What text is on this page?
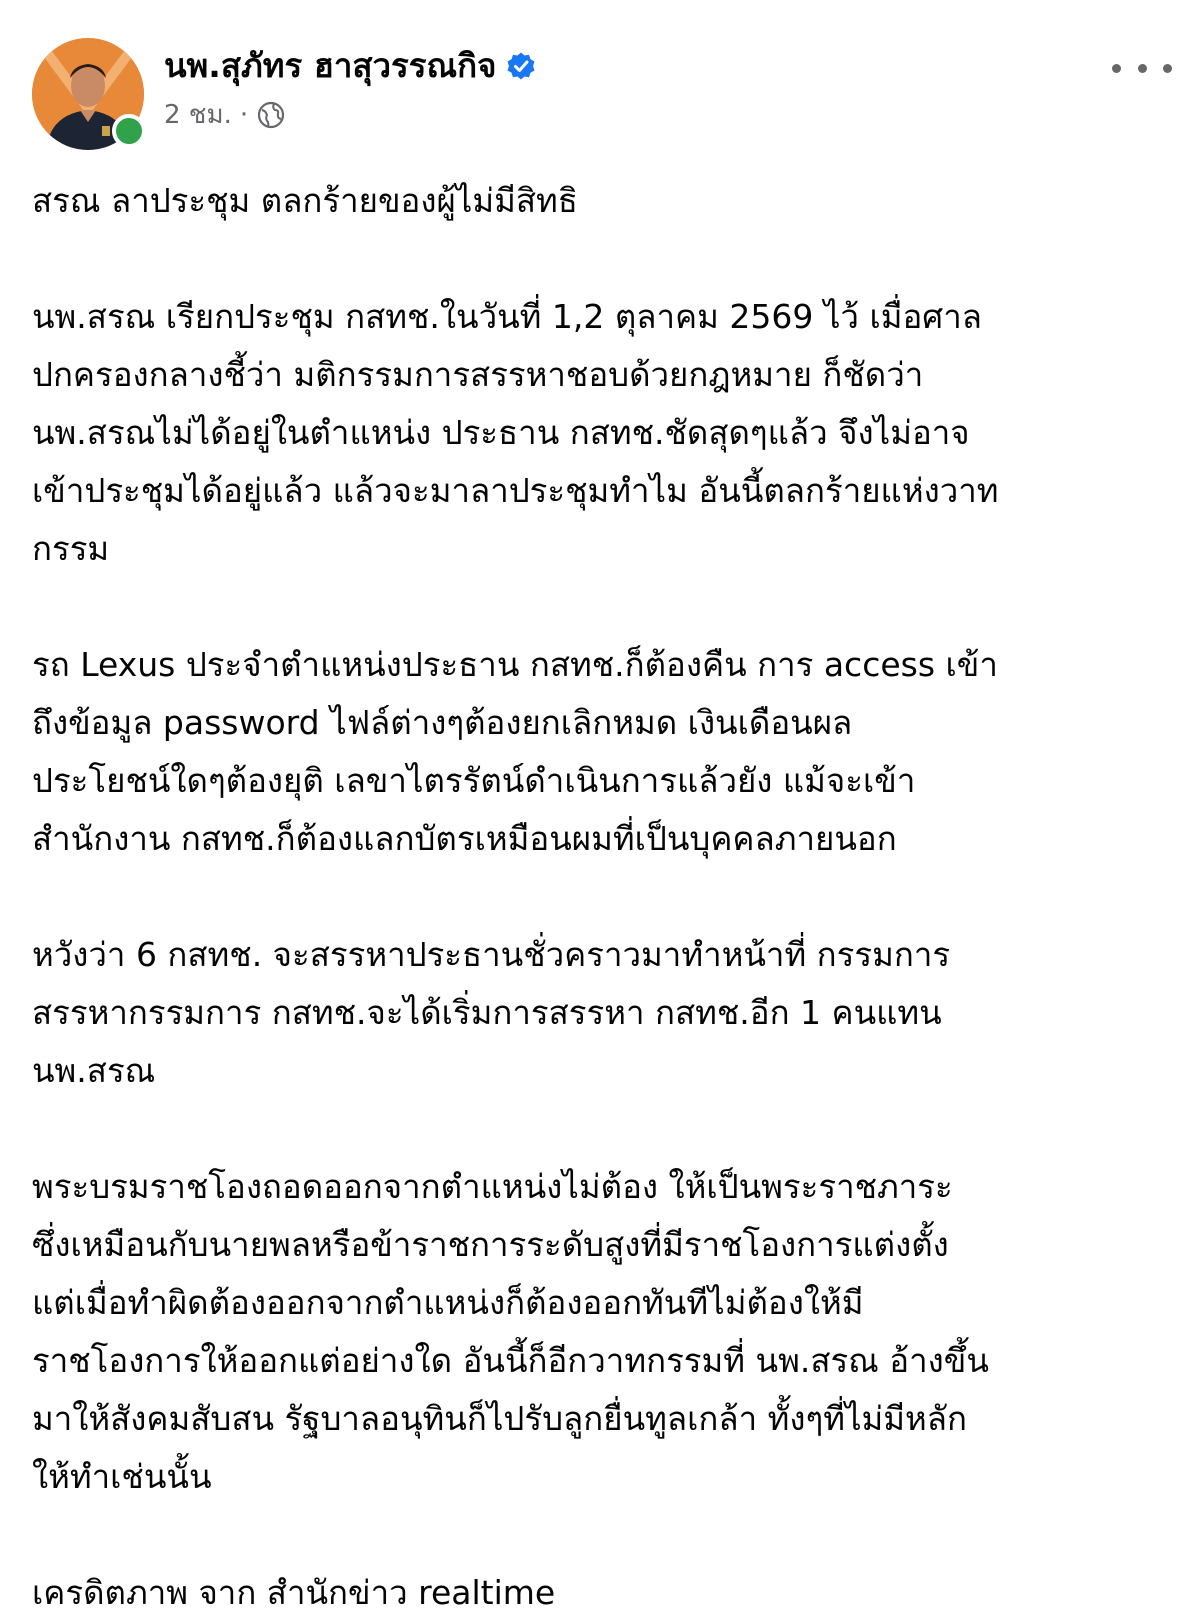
นพ.สุภัทร ฮาสุวรรณกิจ
2 ชม. ·

สรณ ลาประชุม ตลกร้ายของผู้ไม่มีสิทธิ

นพ.สรณ เรียกประชุม กสทช.ในวันที่ 1,2 ตุลาคม 2569 ไว้ เมื่อศาล
ปกครองกลางชี้ว่า มติกรรมการสรรหาชอบด้วยกฎหมาย ก็ชัดว่า
นพ.สรณไม่ได้อยู่ในตำแหน่ง ประธาน กสทช.ชัดสุดๆแล้ว จึงไม่อาจ
เข้าประชุมได้อยู่แล้ว แล้วจะมาลาประชุมทำไม อันนี้ตลกร้ายแห่งวาท
กรรม

รถ Lexus ประจำตำแหน่งประธาน กสทช.ก็ต้องคืน การ access เข้า
ถึงข้อมูล password ไฟล์ต่างๆต้องยกเลิกหมด เงินเดือนผล
ประโยชน์ใดๆต้องยุติ เลขาไตรรัตน์ดำเนินการแล้วยัง แม้จะเข้า
สำนักงาน กสทช.ก็ต้องแลกบัตรเหมือนผมที่เป็นบุคคลภายนอก

หวังว่า 6 กสทช. จะสรรหาประธานชั่วคราวมาทำหน้าที่ กรรมการ
สรรหากรรมการ กสทช.จะได้เริ่มการสรรหา กสทช.อีก 1 คนแทน
นพ.สรณ

พระบรมราชโองถอดออกจากตำแหน่งไม่ต้อง ให้เป็นพระราชภาระ
ซึ่งเหมือนกับนายพลหรือข้าราชการระดับสูงที่มีราชโองการแต่งตั้ง
แต่เมื่อทำผิดต้องออกจากตำแหน่งก็ต้องออกทันทีไม่ต้องให้มี
ราชโองการให้ออกแต่อย่างใด อันนี้ก็อีกวาทกรรมที่ นพ.สรณ อ้างขึ้น
มาให้สังคมสับสน รัฐบาลอนุทินก็ไปรับลูกยื่นทูลเกล้า ทั้งๆที่ไม่มีหลัก
ให้ทำเช่นนั้น

เครดิตภาพ จาก สำนักข่าว realtime
